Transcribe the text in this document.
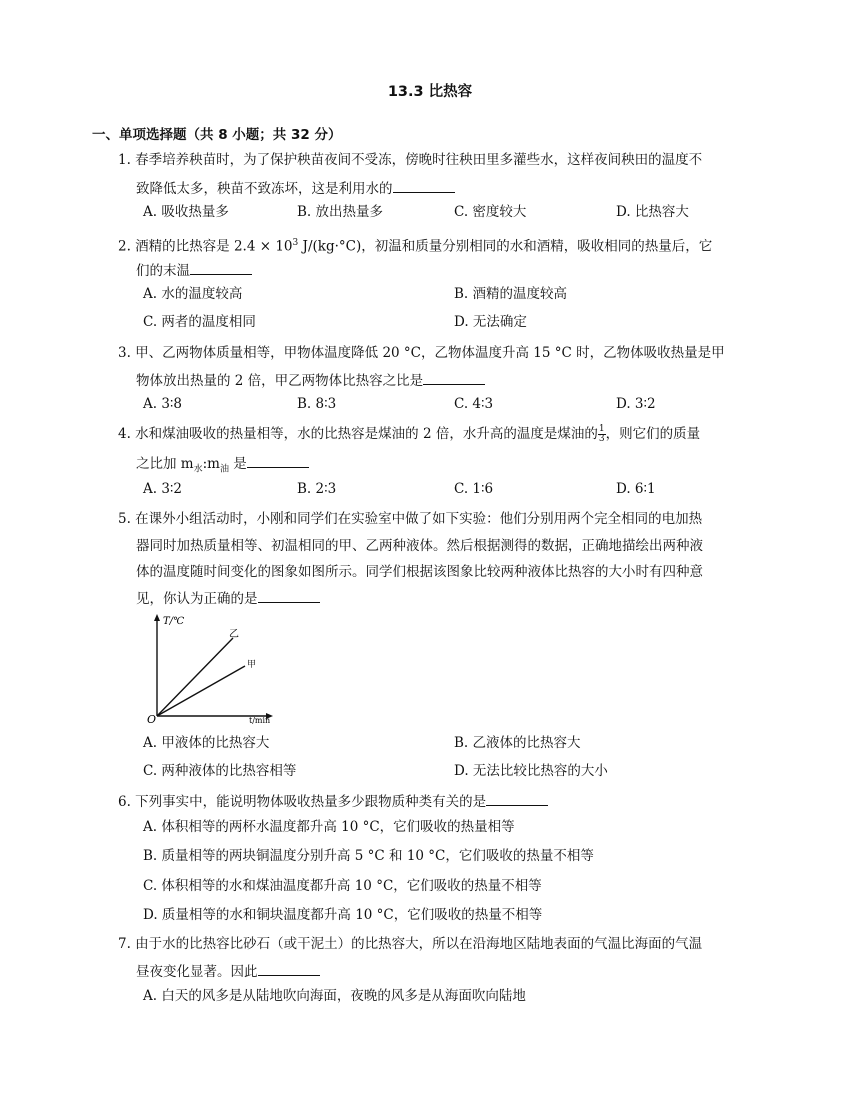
13.3 比热容
一、单项选择题（共 8 小题；共 32 分）
1. 春季培养秧苗时，为了保护秧苗夜间不受冻，傍晚时往秧田里多灌些水，这样夜间秧田的温度不
致降低太多，秧苗不致冻坏，这是利用水的
A. 吸收热量多	B. 放出热量多	C. 密度较大	D. 比热容大
2. 酒精的比热容是 $2.4 \times 10^3$ J/(kg·°C)，初温和质量分别相同的水和酒精，吸收相同的热量后，它
们的末温
A. 水的温度较高	B. 酒精的温度较高
C. 两者的温度相同	D. 无法确定
3. 甲、乙两物体质量相等，甲物体温度降低 20 °C，乙物体温度升高 15 °C 时，乙物体吸收热量是甲
物体放出热量的 2 倍，甲乙两物体比热容之比是
A. 3∶8	B. 8∶3	C. 4∶3	D. 3∶2
4. 水和煤油吸收的热量相等，水的比热容是煤油的 2 倍，水升高的温度是煤油的 $\frac{1}{3}$ ，则它们的质量
之比加 $m_水:m_油$ 是
A. 3∶2	B. 2∶3	C. 1∶6	D. 6∶1
5. 在课外小组活动时，小刚和同学们在实验室中做了如下实验：他们分别用两个完全相同的电加热
器同时加热质量相等、初温相同的甲、乙两种液体。然后根据测得的数据，正确地描绘出两种液
体的温度随时间变化的图象如图所示。同学们根据该图象比较两种液体比热容的大小时有四种意
见，你认为正确的是
T/℃
t/min
O
乙
甲
A. 甲液体的比热容大	B. 乙液体的比热容大
C. 两种液体的比热容相等	D. 无法比较比热容的大小
6. 下列事实中，能说明物体吸收热量多少跟物质种类有关的是
A. 体积相等的两杯水温度都升高 10 °C，它们吸收的热量相等
B. 质量相等的两块铜温度分别升高 5 °C 和 10 °C，它们吸收的热量不相等
C. 体积相等的水和煤油温度都升高 10 °C，它们吸收的热量不相等
D. 质量相等的水和铜块温度都升高 10 °C，它们吸收的热量不相等
7. 由于水的比热容比砂石（或干泥土）的比热容大，所以在沿海地区陆地表面的气温比海面的气温
昼夜变化显著。因此
A. 白天的风多是从陆地吹向海面，夜晚的风多是从海面吹向陆地
